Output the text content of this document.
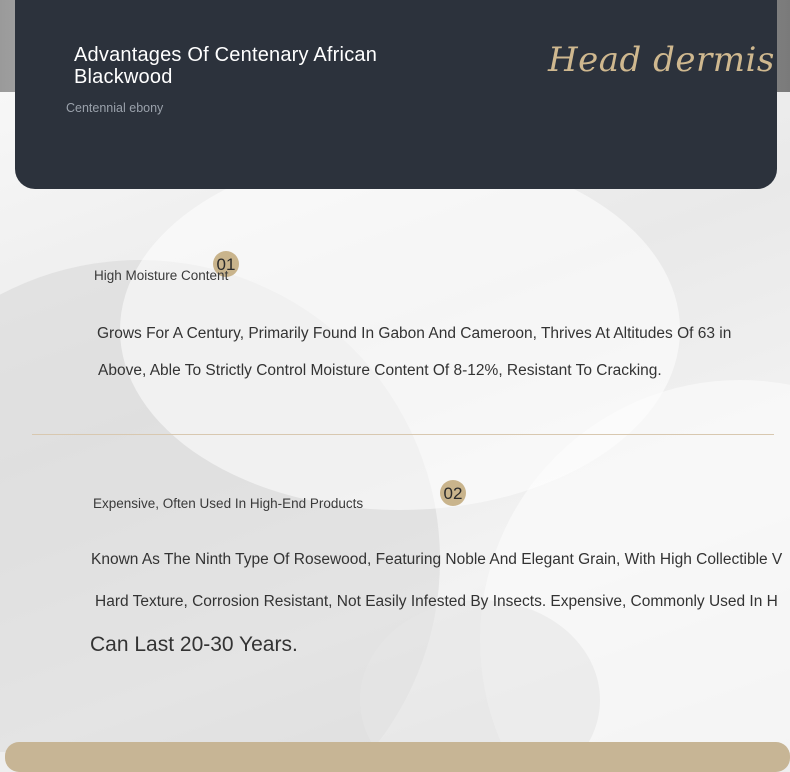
Advantages Of Centenary African Blackwood
Centennial ebony
Head dermis
01
High Moisture Content
Grows For A Century, Primarily Found In Gabon And Cameroon, Thrives At Altitudes Of 63 in
Above, Able To Strictly Control Moisture Content Of 8-12%, Resistant To Cracking.
02
Expensive, Often Used In High-End Products
Known As The Ninth Type Of Rosewood, Featuring Noble And Elegant Grain, With High Collectible V
Hard Texture, Corrosion Resistant, Not Easily Infested By Insects. Expensive, Commonly Used In H
Can Last 20-30 Years.
